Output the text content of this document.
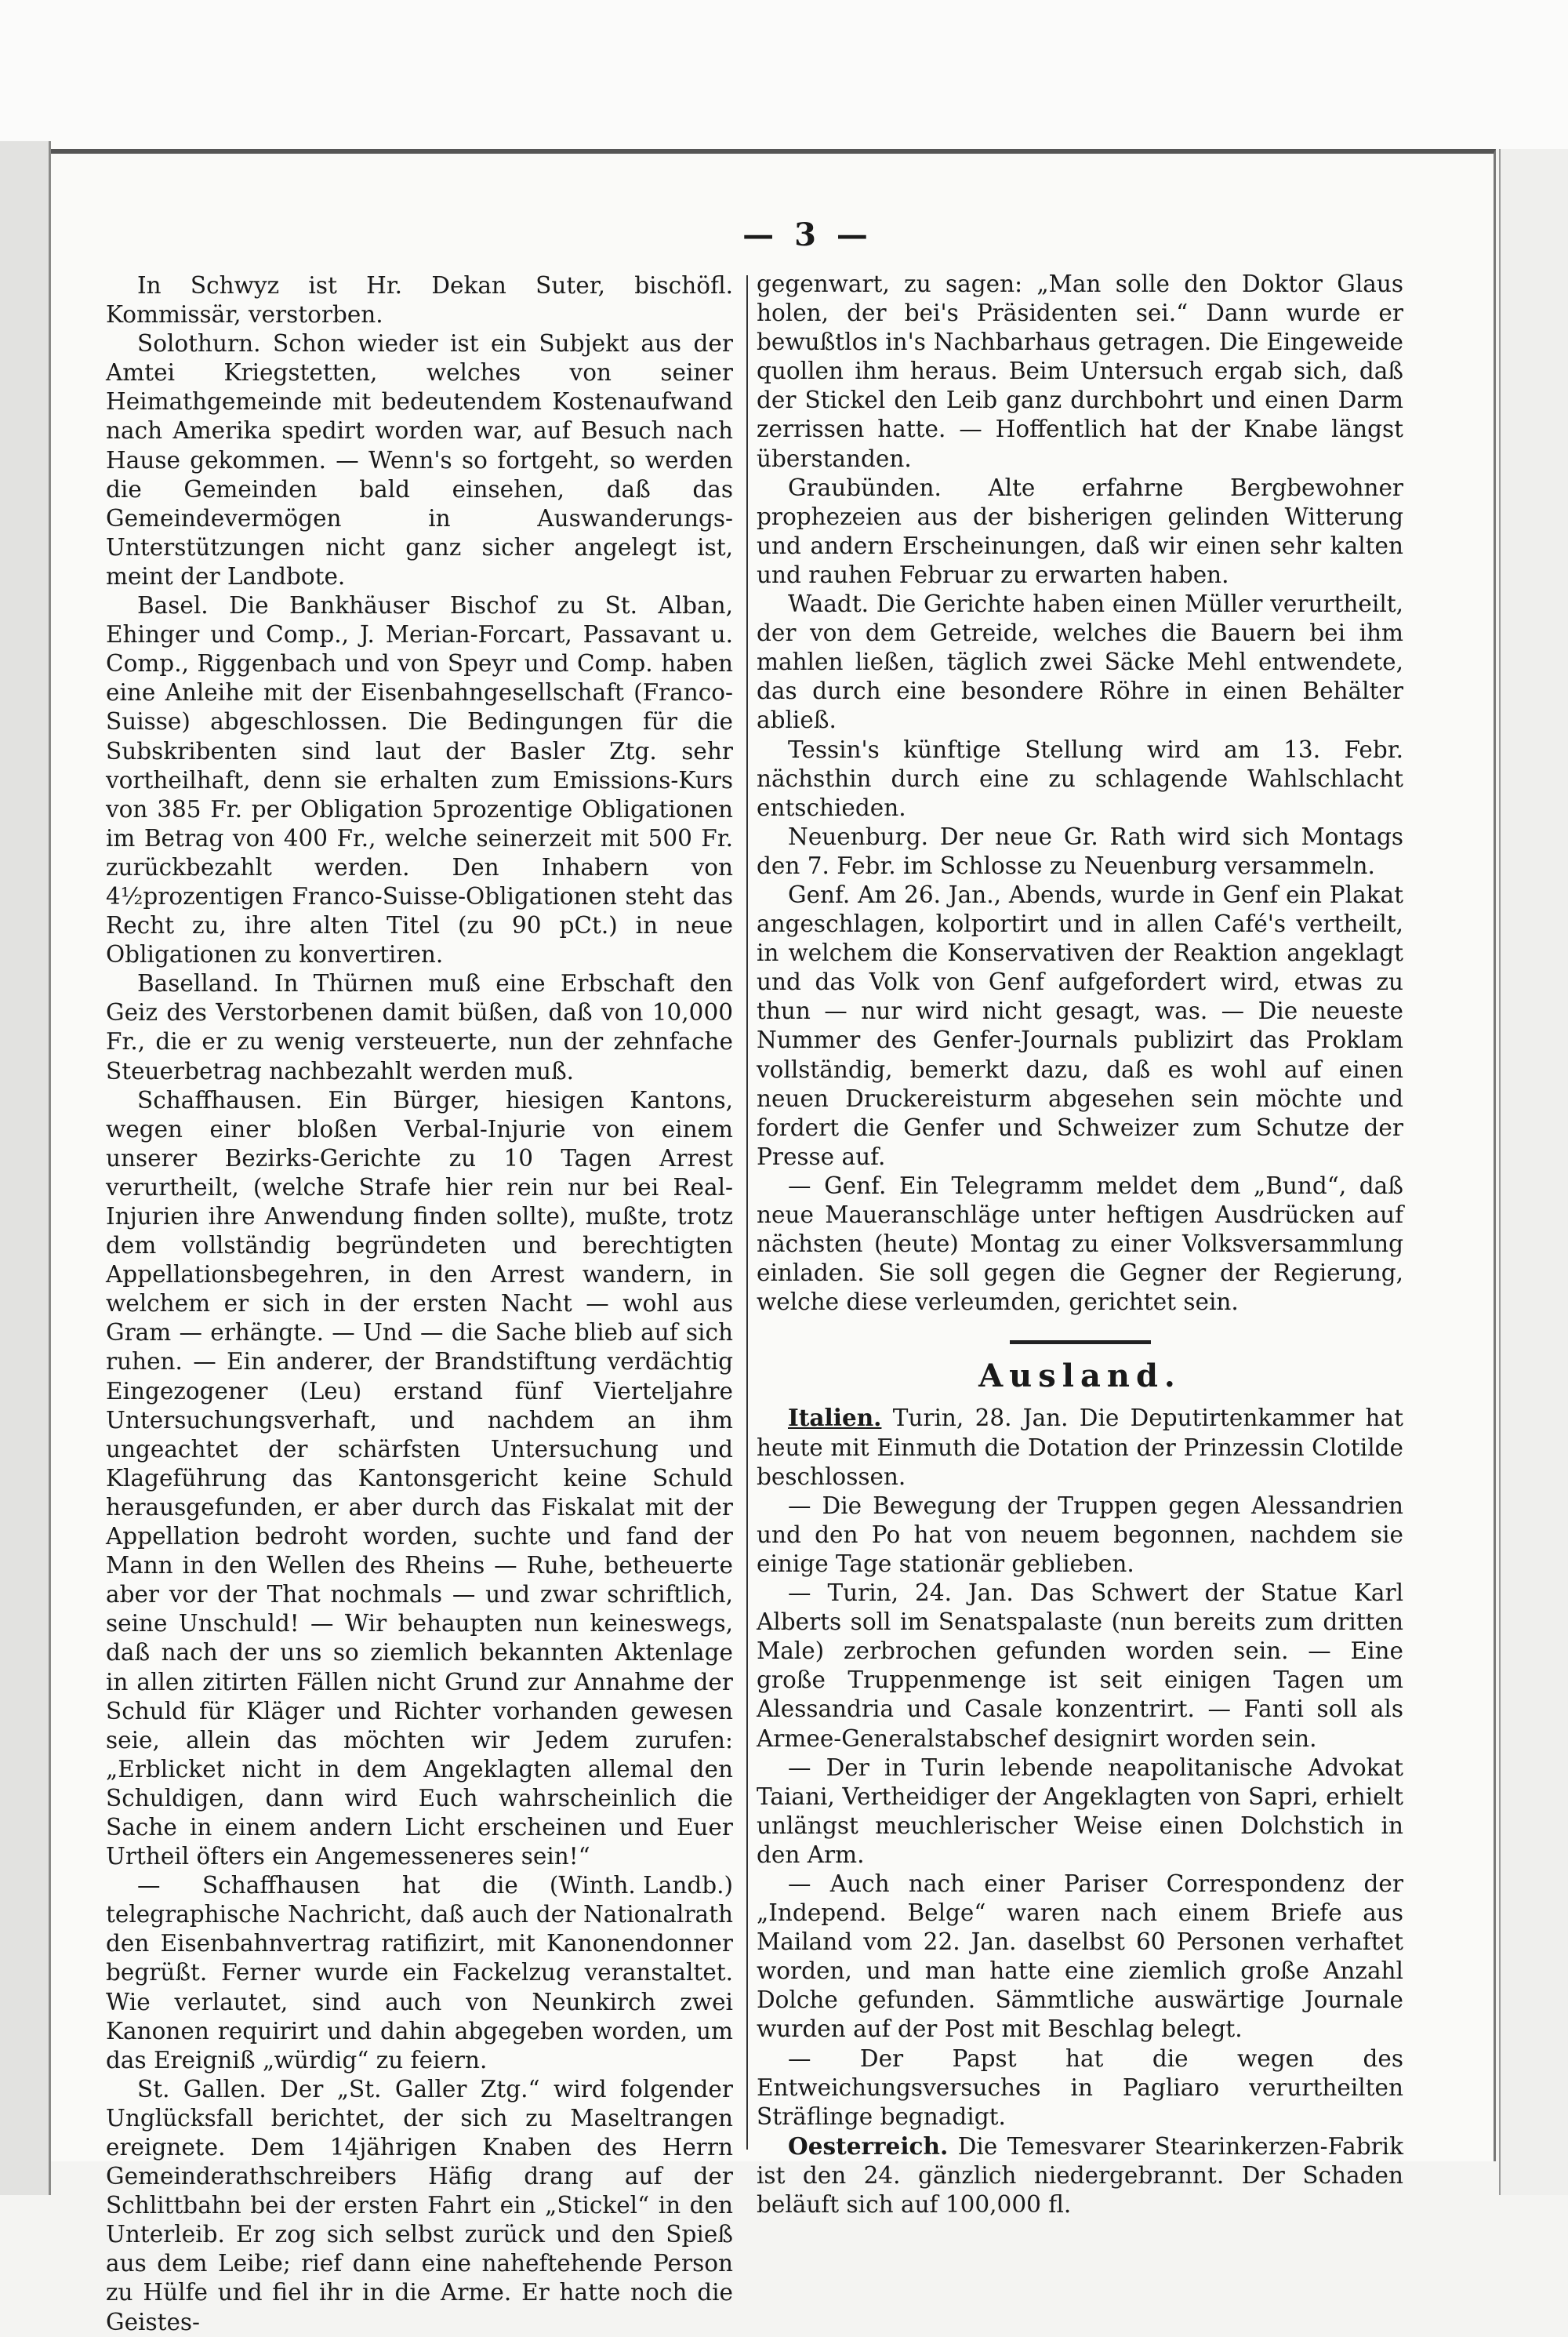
— 3 —

In Schwyz ist Hr. Dekan Suter, bischöfl. Kommissär, verstorben.

Solothurn. Schon wieder ist ein Subjekt aus der Amtei Kriegstetten, welches von seiner Heimathgemeinde mit bedeutendem Kostenaufwand nach Amerika spedirt worden war, auf Besuch nach Hause gekommen. — Wenn's so fortgeht, so werden die Gemeinden bald einsehen, daß das Gemeindevermögen in Auswanderungs-Unterstützungen nicht ganz sicher angelegt ist, meint der Landbote.

Basel. Die Bankhäuser Bischof zu St. Alban, Ehinger und Comp., J. Merian-Forcart, Passavant u. Comp., Riggenbach und von Speyr und Comp. haben eine Anleihe mit der Eisenbahngesellschaft (Franco-Suisse) abgeschlossen. Die Bedingungen für die Subskribenten sind laut der Basler Ztg. sehr vortheilhaft, denn sie erhalten zum Emissions-Kurs von 385 Fr. per Obligation 5prozentige Obligationen im Betrag von 400 Fr., welche seinerzeit mit 500 Fr. zurückbezahlt werden. Den Inhabern von 4½prozentigen Franco-Suisse-Obligationen steht das Recht zu, ihre alten Titel (zu 90 pCt.) in neue Obligationen zu konvertiren.

Baselland. In Thürnen muß eine Erbschaft den Geiz des Verstorbenen damit büßen, daß von 10,000 Fr., die er zu wenig versteuerte, nun der zehnfache Steuerbetrag nachbezahlt werden muß.

Schaffhausen. Ein Bürger, hiesigen Kantons, wegen einer bloßen Verbal-Injurie von einem unserer Bezirks-Gerichte zu 10 Tagen Arrest verurtheilt, (welche Strafe hier rein nur bei Real-Injurien ihre Anwendung finden sollte), mußte, trotz dem vollständig begründeten und berechtigten Appellationsbegehren, in den Arrest wandern, in welchem er sich in der ersten Nacht — wohl aus Gram — erhängte. — Und — die Sache blieb auf sich ruhen. — Ein anderer, der Brandstiftung verdächtig Eingezogener (Leu) erstand fünf Vierteljahre Untersuchungsverhaft, und nachdem an ihm ungeachtet der schärfsten Untersuchung und Klageführung das Kantonsgericht keine Schuld herausgefunden, er aber durch das Fiskalat mit der Appellation bedroht worden, suchte und fand der Mann in den Wellen des Rheins — Ruhe, betheuerte aber vor der That nochmals — und zwar schriftlich, seine Unschuld! — Wir behaupten nun keineswegs, daß nach der uns so ziemlich bekannten Aktenlage in allen zitirten Fällen nicht Grund zur Annahme der Schuld für Kläger und Richter vorhanden gewesen seie, allein das möchten wir Jedem zurufen: „Erblicket nicht in dem Angeklagten allemal den Schuldigen, dann wird Euch wahrscheinlich die Sache in einem andern Licht erscheinen und Euer Urtheil öfters ein Angemesseneres sein!“
(Winth. Landb.)

— Schaffhausen hat die telegraphische Nachricht, daß auch der Nationalrath den Eisenbahnvertrag ratifizirt, mit Kanonendonner begrüßt. Ferner wurde ein Fackelzug veranstaltet. Wie verlautet, sind auch von Neunkirch zwei Kanonen requirirt und dahin abgegeben worden, um das Ereigniß „würdig“ zu feiern.

St. Gallen. Der „St. Galler Ztg.“ wird folgender Unglücksfall berichtet, der sich zu Maseltrangen ereignete. Dem 14jährigen Knaben des Herrn Gemeinderathschreibers Häfig drang auf der Schlittbahn bei der ersten Fahrt ein „Stickel“ in den Unterleib. Er zog sich selbst zurück und den Spieß aus dem Leibe; rief dann eine naheftehende Person zu Hülfe und fiel ihr in die Arme. Er hatte noch die Geistes-

gegenwart, zu sagen: „Man solle den Doktor Glaus holen, der bei's Präsidenten sei.“ Dann wurde er bewußtlos in's Nachbarhaus getragen. Die Eingeweide quollen ihm heraus. Beim Untersuch ergab sich, daß der Stickel den Leib ganz durchbohrt und einen Darm zerrissen hatte. — Hoffentlich hat der Knabe längst überstanden.

Graubünden. Alte erfahrne Bergbewohner prophezeien aus der bisherigen gelinden Witterung und andern Erscheinungen, daß wir einen sehr kalten und rauhen Februar zu erwarten haben.

Waadt. Die Gerichte haben einen Müller verurtheilt, der von dem Getreide, welches die Bauern bei ihm mahlen ließen, täglich zwei Säcke Mehl entwendete, das durch eine besondere Röhre in einen Behälter abließ.

Tessin's künftige Stellung wird am 13. Febr. nächsthin durch eine zu schlagende Wahlschlacht entschieden.

Neuenburg. Der neue Gr. Rath wird sich Montags den 7. Febr. im Schlosse zu Neuenburg versammeln.

Genf. Am 26. Jan., Abends, wurde in Genf ein Plakat angeschlagen, kolportirt und in allen Café's vertheilt, in welchem die Konservativen der Reaktion angeklagt und das Volk von Genf aufgefordert wird, etwas zu thun — nur wird nicht gesagt, was. — Die neueste Nummer des Genfer-Journals publizirt das Proklam vollständig, bemerkt dazu, daß es wohl auf einen neuen Druckereisturm abgesehen sein möchte und fordert die Genfer und Schweizer zum Schutze der Presse auf.

— Genf. Ein Telegramm meldet dem „Bund“, daß neue Maueranschläge unter heftigen Ausdrücken auf nächsten (heute) Montag zu einer Volksversammlung einladen. Sie soll gegen die Gegner der Regierung, welche diese verleumden, gerichtet sein.

Ausland.

Italien. Turin, 28. Jan. Die Deputirtenkammer hat heute mit Einmuth die Dotation der Prinzessin Clotilde beschlossen.

— Die Bewegung der Truppen gegen Alessandrien und den Po hat von neuem begonnen, nachdem sie einige Tage stationär geblieben.

— Turin, 24. Jan. Das Schwert der Statue Karl Alberts soll im Senatspalaste (nun bereits zum dritten Male) zerbrochen gefunden worden sein. — Eine große Truppenmenge ist seit einigen Tagen um Alessandria und Casale konzentrirt. — Fanti soll als Armee-Generalstabschef designirt worden sein.

— Der in Turin lebende neapolitanische Advokat Taiani, Vertheidiger der Angeklagten von Sapri, erhielt unlängst meuchlerischer Weise einen Dolchstich in den Arm.

— Auch nach einer Pariser Correspondenz der „Independ. Belge“ waren nach einem Briefe aus Mailand vom 22. Jan. daselbst 60 Personen verhaftet worden, und man hatte eine ziemlich große Anzahl Dolche gefunden. Sämmtliche auswärtige Journale wurden auf der Post mit Beschlag belegt.

— Der Papst hat die wegen des Entweichungsversuches in Pagliaro verurtheilten Sträflinge begnadigt.

Oesterreich. Die Temesvarer Stearinkerzen-Fabrik ist den 24. gänzlich niedergebrannt. Der Schaden beläuft sich auf 100,000 fl.
